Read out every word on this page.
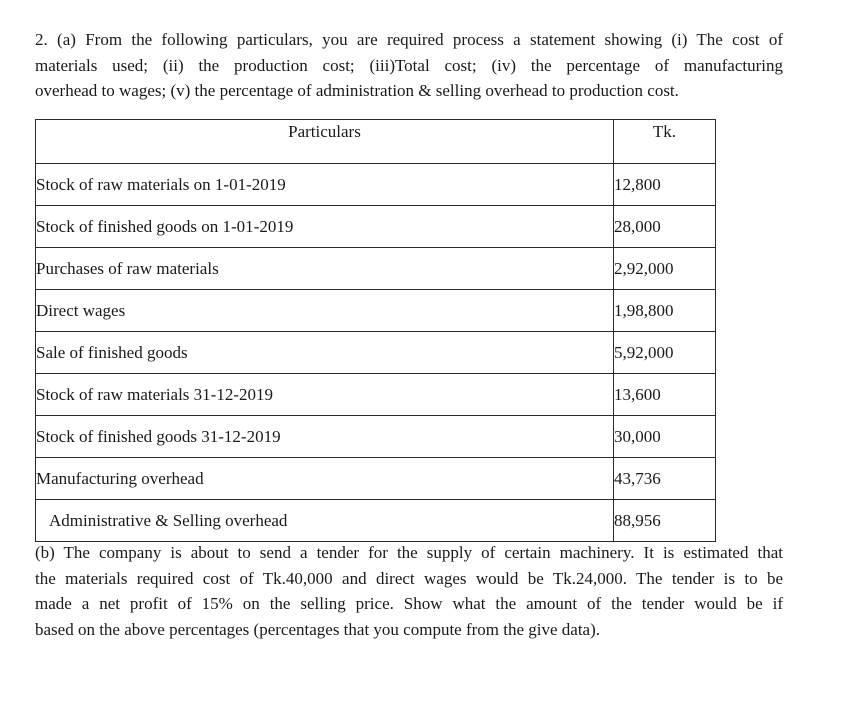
2. (a) From the following particulars, you are required process a statement showing (i) The cost of
materials used; (ii) the production cost; (iii)Total cost; (iv) the percentage of manufacturing
overhead to wages; (v) the percentage of administration & selling overhead to production cost.
Particulars	Tk.
Stock of raw materials on 1-01-2019	12,800
Stock of finished goods on 1-01-2019	28,000
Purchases of raw materials	2,92,000
Direct wages	1,98,800
Sale of finished goods	5,92,000
Stock of raw materials 31-12-2019	13,600
Stock of finished goods 31-12-2019	30,000
Manufacturing overhead	43,736
Administrative & Selling overhead	88,956
(b) The company is about to send a tender for the supply of certain machinery. It is estimated that
the materials required cost of Tk.40,000 and direct wages would be Tk.24,000. The tender is to be
made a net profit of 15% on the selling price. Show what the amount of the tender would be if
based on the above percentages (percentages that you compute from the give data).
